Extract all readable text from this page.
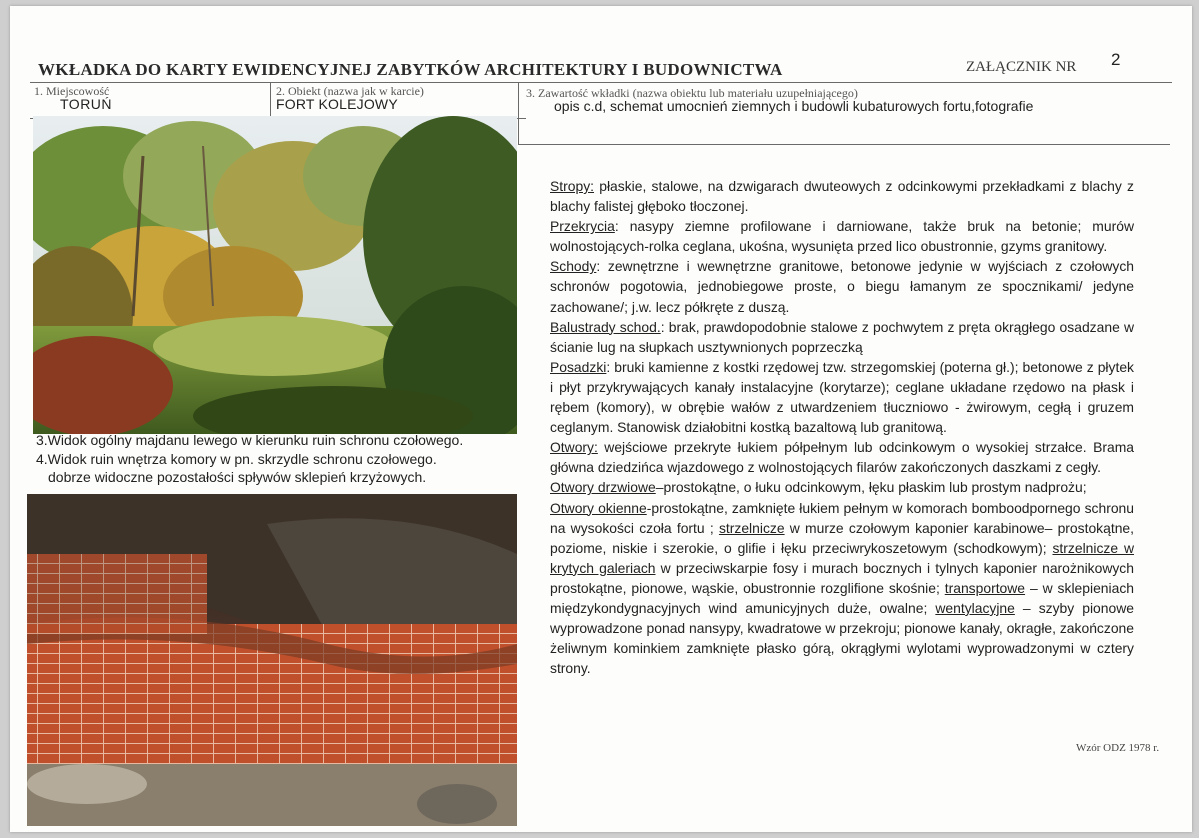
WKŁADKA DO KARTY EWIDENCYJNEJ ZABYTKÓW ARCHITEKTURY I BUDOWNICTWA	ZAŁĄCZNIK NR 2
1. Miejscowość
TORUŃ
2. Obiekt (nazwa jak w karcie)
FORT KOLEJOWY
3. Zawartość wkładki (nazwa obiektu lub materiału uzupełniającego)
opis c.d, schemat umocnień ziemnych i budowli kubaturowych fortu,fotografie
3.Widok ogólny majdanu lewego w kierunku ruin schronu czołowego.
4.Widok ruin wnętrza komory w pn. skrzydle schronu czołowego.
dobrze widoczne pozostałości spływów sklepień krzyżowych.

Stropy: płaskie, stalowe, na dzwigarach dwuteowych z odcinkowymi przekładkami z blachy z blachy falistej głęboko tłoczonej.

Przekrycia: nasypy ziemne profilowane i darniowane, także bruk na betonie; murów wolnostojących-rolka ceglana, ukośna, wysunięta przed lico obustronnie, gzyms granitowy.

Schody: zewnętrzne i wewnętrzne granitowe, betonowe jedynie w wyjściach z czołowych schronów pogotowia, jednobiegowe proste, o biegu łamanym ze spocznikami/ jedyne zachowane/; j.w. lecz półkręte z duszą.

Balustrady schod.: brak, prawdopodobnie stalowe z pochwytem z pręta okrągłego osadzane w ścianie lug na słupkach usztywnionych poprzeczką

Posadzki: bruki kamienne z kostki rzędowej tzw. strzegomskiej (poterna gł.); betonowe z płytek i płyt przykrywających kanały instalacyjne (korytarze); ceglane układane rzędowo na płask i rębem (komory), w obrębie wałów z utwardzeniem tłuczniowo - żwirowym, cegłą i gruzem ceglanym. Stanowisk działobitni kostką bazaltową lub granitową.

Otwory: wejściowe przekryte łukiem półpełnym lub odcinkowym o wysokiej strzałce. Brama główna dziedzińca wjazdowego z wolnostojących filarów zakończonych daszkami z cegły.

Otwory drzwiowe–prostokątne, o łuku odcinkowym, łęku płaskim lub prostym nadprożu;

Otwory okienne-prostokątne, zamknięte łukiem pełnym w komorach bomboodpornego schronu na wysokości czoła fortu ; strzelnicze w murze czołowym kaponier karabinowe– prostokątne, poziome, niskie i szerokie, o glifie i łęku przeciwrykoszetowym (schodkowym); strzelnicze w krytych galeriach w przeciwskarpie fosy i murach bocznych i tylnych kaponier narożnikowych prostokątne, pionowe, wąskie, obustronnie rozglifione skośnie; transportowe – w sklepieniach międzykondygnacyjnych wind amunicyjnych duże, owalne; wentylacyjne – szyby pionowe wyprowadzone ponad nansypy, kwadratowe w przekroju; pionowe kanały, okragłe, zakończone żeliwnym kominkiem zamknięte płasko górą, okrągłymi wylotami wyprowadzonymi w cztery strony.

Wzór ODZ 1978 r.
